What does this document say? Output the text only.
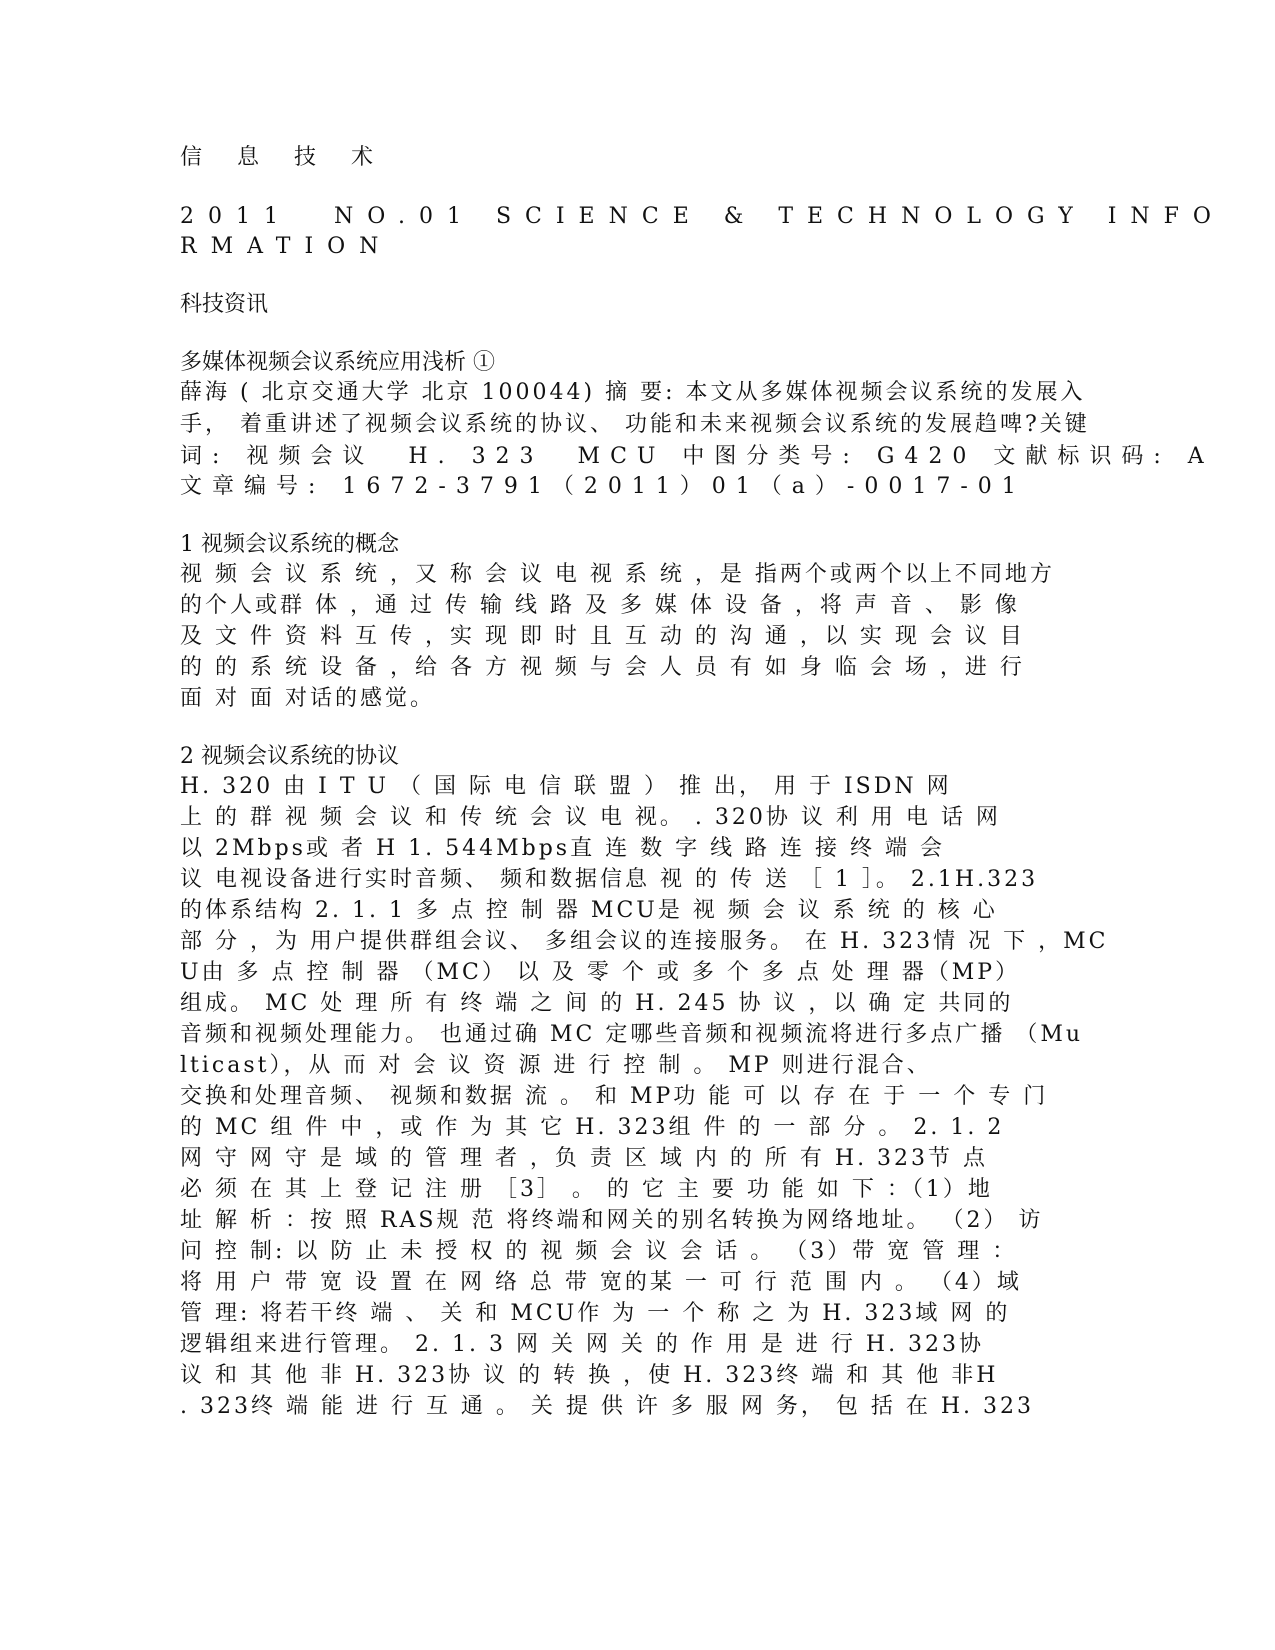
信 息 技 术
2011  NO.01 SCIENCE & TECHNOLOGY INFO
RMATION
科技资讯
多媒体视频会议系统应用浅析 ①
薛海 ( 北京交通大学 北京 100044) 摘 要: 本文从多媒体视频会议系统的发展入
手， 着重讲述了视频会议系统的协议、 功能和未来视频会议系统的发展趋啤?关键
词: 视频会议  H. 323  MCU 中图分类号: G420 文献标识码: A
文章编号: 1672-3791（2011）01（a）-0017-01
1 视频会议系统的概念
视 频 会 议 系 统 ，又 称 会 议 电 视 系 统 ，是 指两个或两个以上不同地方
的个人或群 体 ，通 过 传 输 线 路 及 多 媒 体 设 备 ，将 声 音 、 影 像
及 文 件 资 料 互 传 ，实 现 即 时 且 互 动 的 沟 通 ，以 实 现 会 议 目
的 的 系 统 设 备 ，给 各 方 视 频 与 会 人 员 有 如 身 临 会 场 ，进 行
面 对 面 对话的感觉。
2 视频会议系统的协议
H. 320 由 I T U （ 国 际 电 信 联 盟 ） 推 出， 用 于 ISDN 网
上 的 群 视 频 会 议 和 传 统 会 议 电 视。 . 320协 议 利 用 电 话 网
以 2Mbps或 者 H 1. 544Mbps直 连 数 字 线 路 连 接 终 端 会
议 电视设备进行实时音频、 频和数据信息 视 的 传 送 ［ 1 ］。 2.1H.323
的体系结构 2. 1. 1 多 点 控 制 器 MCU是 视 频 会 议 系 统 的 核 心
部 分 ，为 用户提供群组会议、 多组会议的连接服务。 在 H. 323情 况 下 ，MC
U由 多 点 控 制 器 （MC） 以 及 零 个 或 多 个 多 点 处 理 器（MP）
组成。 MC 处 理 所 有 终 端 之 间 的 H. 245 协 议 ，以 确 定 共同的
音频和视频处理能力。 也通过确 MC 定哪些音频和视频流将进行多点广播 （Mu
lticast），从 而 对 会 议 资 源 进 行 控 制 。 MP 则进行混合、
交换和处理音频、 视频和数据 流 。 和 MP功 能 可 以 存 在 于 一 个 专 门
的 MC 组 件 中 ，或 作 为 其 它 H. 323组 件 的 一 部 分 。 2. 1. 2
网 守 网 守 是 域 的 管 理 者 ，负 责 区 域 内 的 所 有 H. 323节 点
必 须 在 其 上 登 记 注 册 ［3］ 。 的 它 主 要 功 能 如 下 ：（1）地
址 解 析 ：按 照 RAS规 范 将终端和网关的别名转换为网络地址。 （2） 访
问 控 制: 以 防 止 未 授 权 的 视 频 会 议 会 话 。 （3）带 宽 管 理 ：
将 用 户 带 宽 设 置 在 网 络 总 带 宽的某 一 可 行 范 围 内 。 （4）域
管 理: 将若干终 端 、 关 和 MCU作 为 一 个 称 之 为 H. 323域 网 的
逻辑组来进行管理。 2. 1. 3 网 关 网 关 的 作 用 是 进 行 H. 323协
议 和 其 他 非 H. 323协 议 的 转 换 ，使 H. 323终 端 和 其 他 非H
. 323终 端 能 进 行 互 通 。 关 提 供 许 多 服 网 务， 包 括 在 H. 323
